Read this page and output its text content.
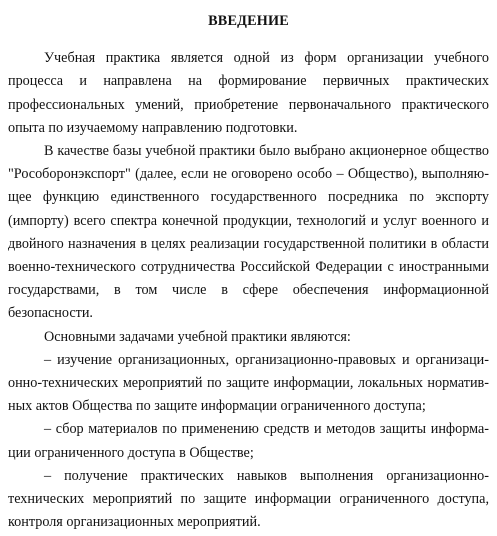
ВВЕДЕНИЕ

Учебная практика является одной из форм организации учебного процесса и направлена на формирование первичных практических профессиональных умений, приобретение первоначального практического опыта по изучаемому направлению подготовки.

В качестве базы учебной практики было выбрано акционерное общество "Рособоронэкспорт" (далее, если не оговорено особо – Общество), выполняющее функцию единственного государственного посредника по экспорту (импорту) всего спектра конечной продукции, технологий и услуг военного и двойного назначения в целях реализации государственной политики в области военно-технического сотрудничества Российской Федерации с иностранными государствами, в том числе в сфере обеспечения информационной безопасности.

Основными задачами учебной практики являются:

– изучение организационных, организационно-правовых и организационно-технических мероприятий по защите информации, локальных нормативных актов Общества по защите информации ограниченного доступа;

– сбор материалов по применению средств и методов защиты информации ограниченного доступа в Обществе;

– получение практических навыков выполнения организационно-технических мероприятий по защите информации ограниченного доступа, контроля организационных мероприятий.
